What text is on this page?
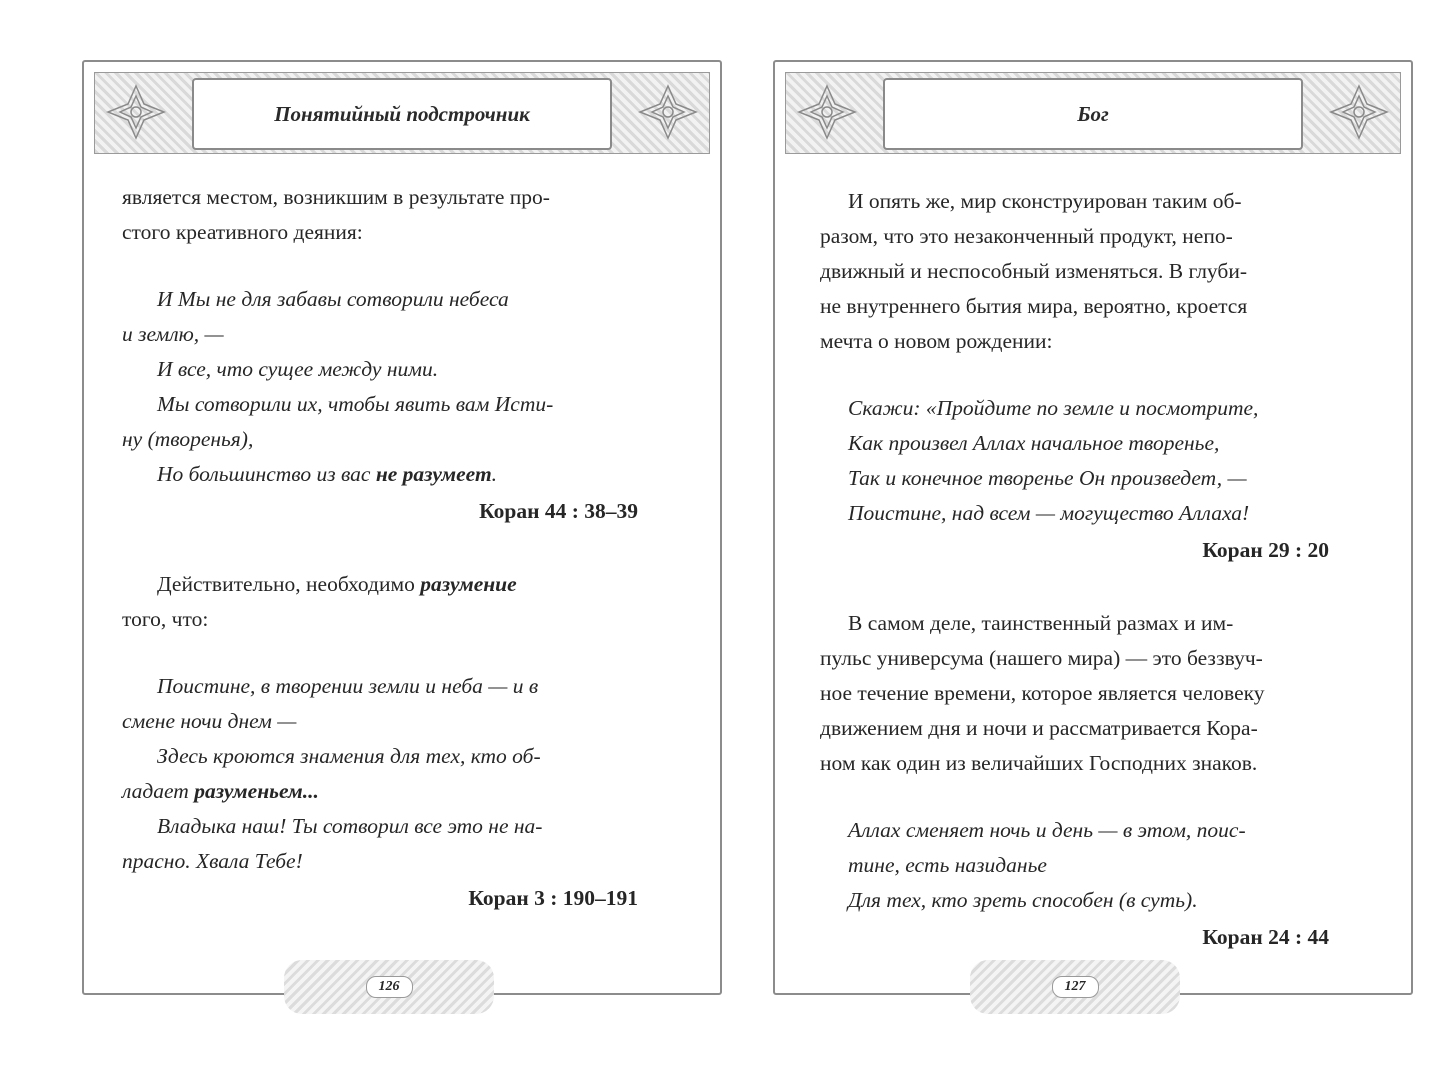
Понятийный подстрочник
является местом, возникшим в результате про-
стого креативного деяния:
И Мы не для забавы сотворили небеса
и землю, —
И все, что сущее между ними.
Мы сотворили их, чтобы явить вам Исти-
ну (творенья),
Но большинство из вас не разумеет.
Коран 44 : 38–39
Действительно, необходимо разумение
того, что:
Поистине, в творении земли и неба — и в
смене ночи днем —
Здесь кроются знамения для тех, кто об-
ладает разуменьем...
Владыка наш! Ты сотворил все это не на-
прасно. Хвала Тебе!
Коран 3 : 190–191
126
Бог
И опять же, мир сконструирован таким об-
разом, что это незаконченный продукт, непо-
движный и неспособный изменяться. В глуби-
не внутреннего бытия мира, вероятно, кроется
мечта о новом рождении:
Скажи: «Пройдите по земле и посмотрите,
Как произвел Аллах начальное творенье,
Так и конечное творенье Он произведет, —
Поистине, над всем — могущество Аллаха!
Коран 29 : 20
В самом деле, таинственный размах и им-
пульс универсума (нашего мира) — это беззвуч-
ное течение времени, которое является человеку
движением дня и ночи и рассматривается Кора-
ном как один из величайших Господних знаков.
Аллах сменяет ночь и день — в этом, поис-
тине, есть назиданье
Для тех, кто зреть способен (в суть).
Коран 24 : 44
127
